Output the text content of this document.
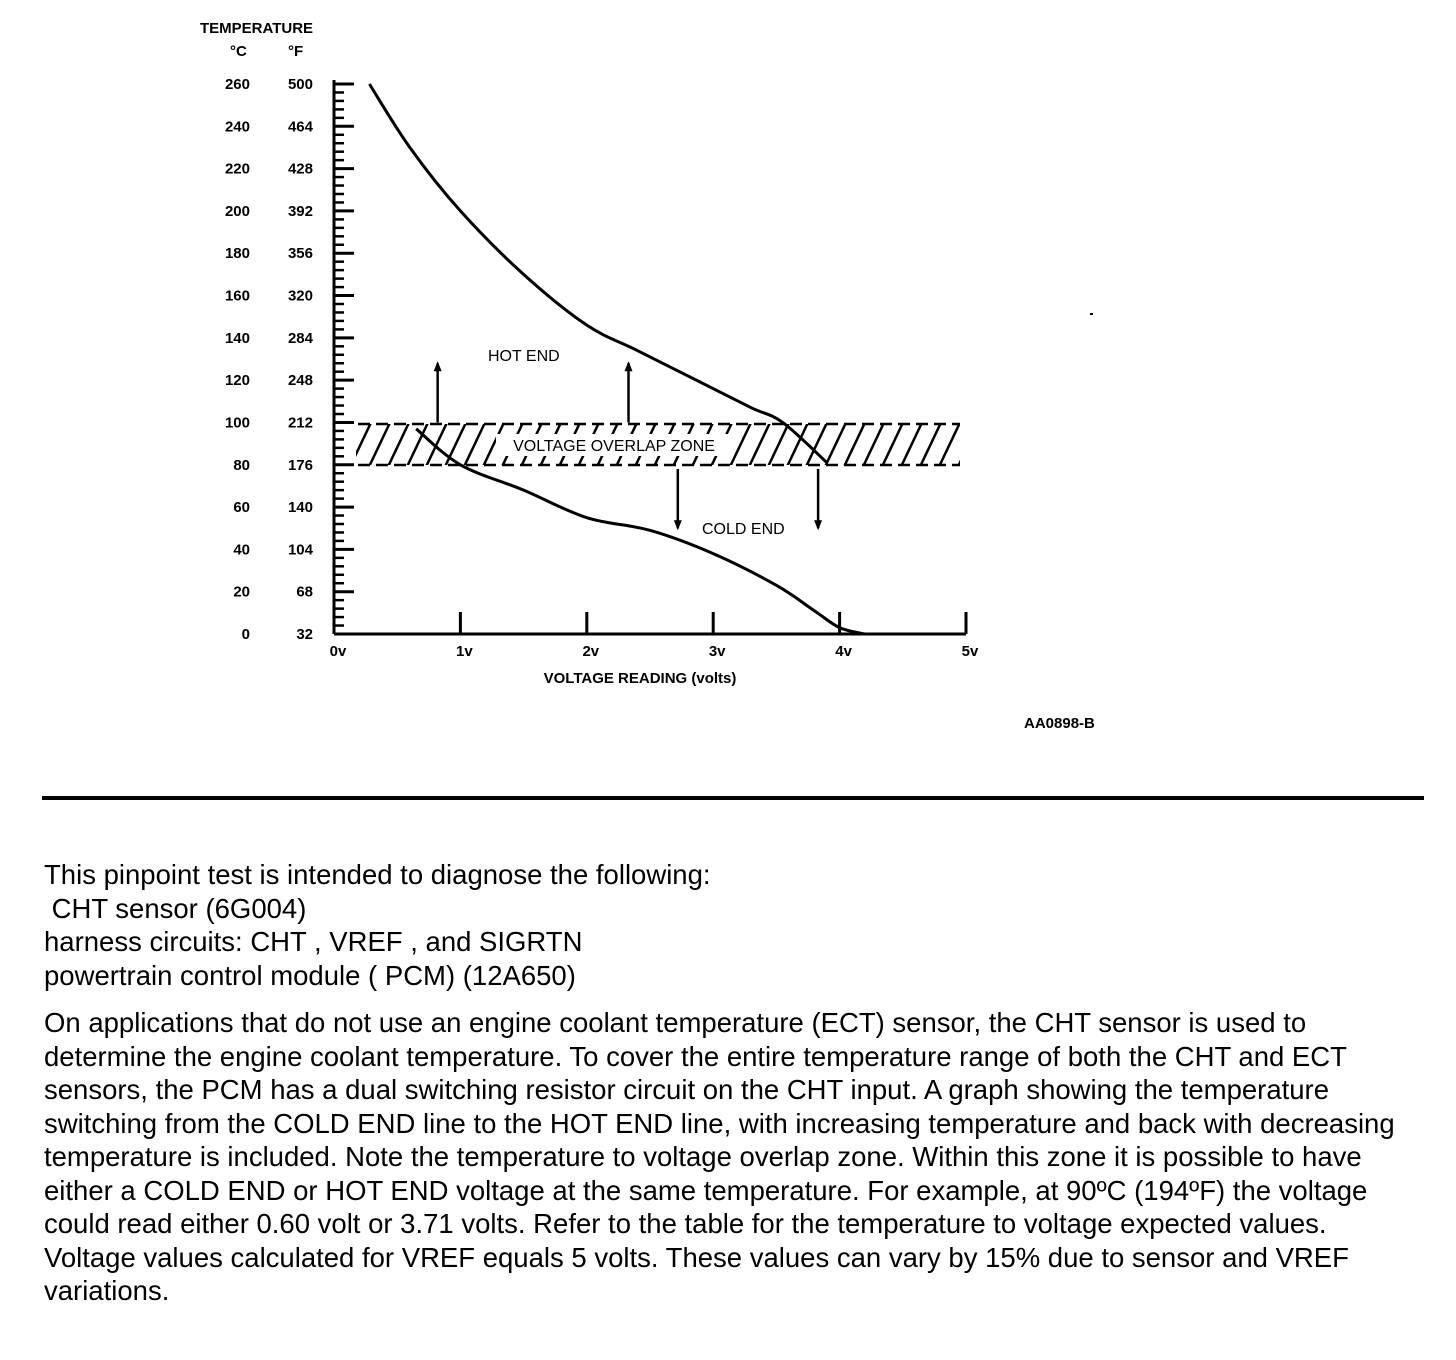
TEMPERATURE
°C	°F
260	500
240	464
220	428
200	392
180	356
160	320
140	284
120	248
100	212
80	176
60	140
40	104
20	68
0	32
0v	1v	2v	3v	4v	5v
VOLTAGE READING (volts)
VOLTAGE OVERLAP ZONE
HOT END
COLD END
AA0898-B

This pinpoint test is intended to diagnose the following:

CHT sensor (6G004)

harness circuits: CHT , VREF , and SIGRTN

powertrain control module ( PCM) (12A650)

On applications that do not use an engine coolant temperature (ECT) sensor, the CHT sensor is used to determine the engine coolant temperature. To cover the entire temperature range of both the CHT and ECT sensors, the PCM has a dual switching resistor circuit on the CHT input. A graph showing the temperature switching from the COLD END line to the HOT END line, with increasing temperature and back with decreasing temperature is included. Note the temperature to voltage overlap zone. Within this zone it is possible to have either a COLD END or HOT END voltage at the same temperature. For example, at 90ºC (194ºF) the voltage could read either 0.60 volt or 3.71 volts. Refer to the table for the temperature to voltage expected values.

Voltage values calculated for VREF equals 5 volts. These values can vary by 15% due to sensor and VREF variations.
